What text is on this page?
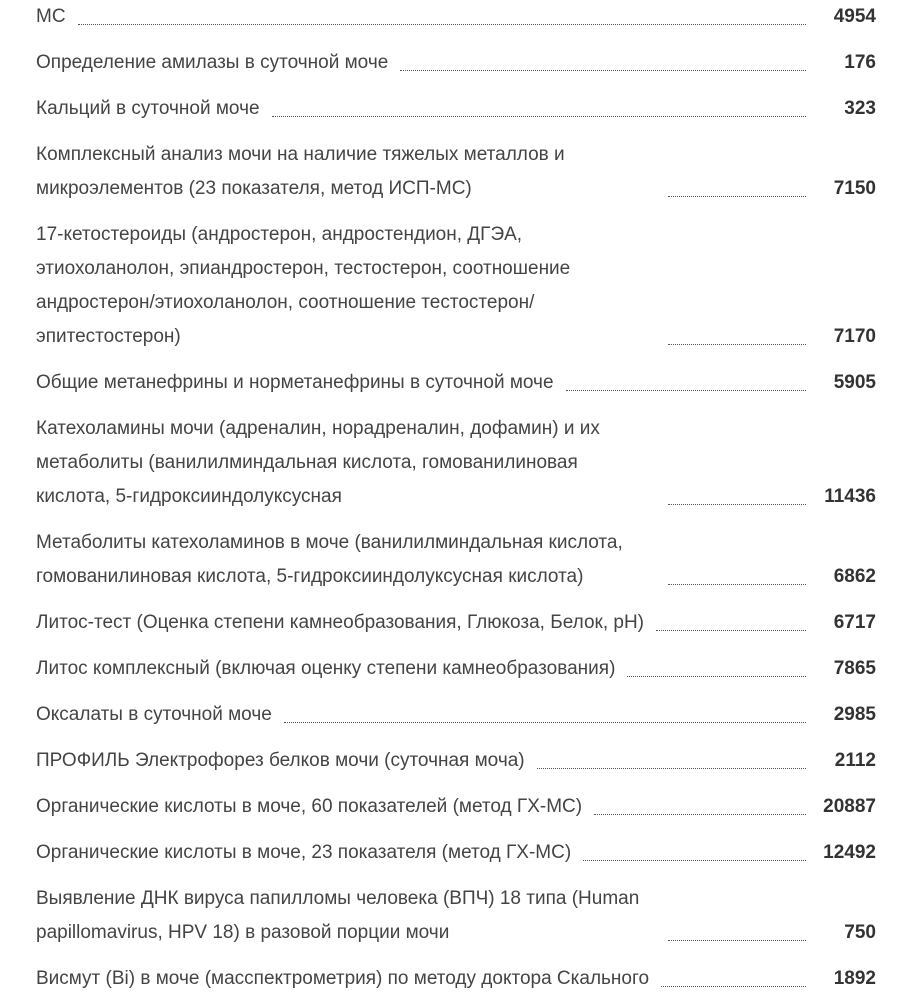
МС	4954
Определение амилазы в суточной моче	176
Кальций в суточной моче	323
Комплексный анализ мочи на наличие тяжелых металлов и микроэлементов (23 показателя, метод ИСП-МС)	7150
17-кетостероиды (андростерон, андростендион, ДГЭА, этиохоланолон, эпиандростерон, тестостерон, соотношение андростерон/этиохоланолон, соотношение тестостерон/эпитестостерон)	7170
Общие метанефрины и норметанефрины в суточной моче	5905
Катехоламины мочи (адреналин, норадреналин, дофамин) и их метаболиты (ванилилминдальная кислота, гомованилиновая кислота, 5-гидроксииндолуксусная	11436
Метаболиты катехоламинов в моче (ванилилминдальная кислота, гомованилиновая кислота, 5-гидроксииндолуксусная кислота)	6862
Литос-тест (Оценка степени камнеобразования, Глюкоза, Белок, pH)	6717
Литос комплексный (включая оценку степени камнеобразования)	7865
Оксалаты в суточной моче	2985
ПРОФИЛЬ Электрофорез белков мочи (суточная моча)	2112
Органические кислоты в моче, 60 показателей (метод ГХ-МС)	20887
Органические кислоты в моче, 23 показателя (метод ГХ-МС)	12492
Выявление ДНК вируса папилломы человека (ВПЧ) 18 типа (Human papillomavirus, HPV 18) в разовой порции мочи	750
Висмут (Bi) в моче (масспектрометрия) по методу доктора Скального	1892
